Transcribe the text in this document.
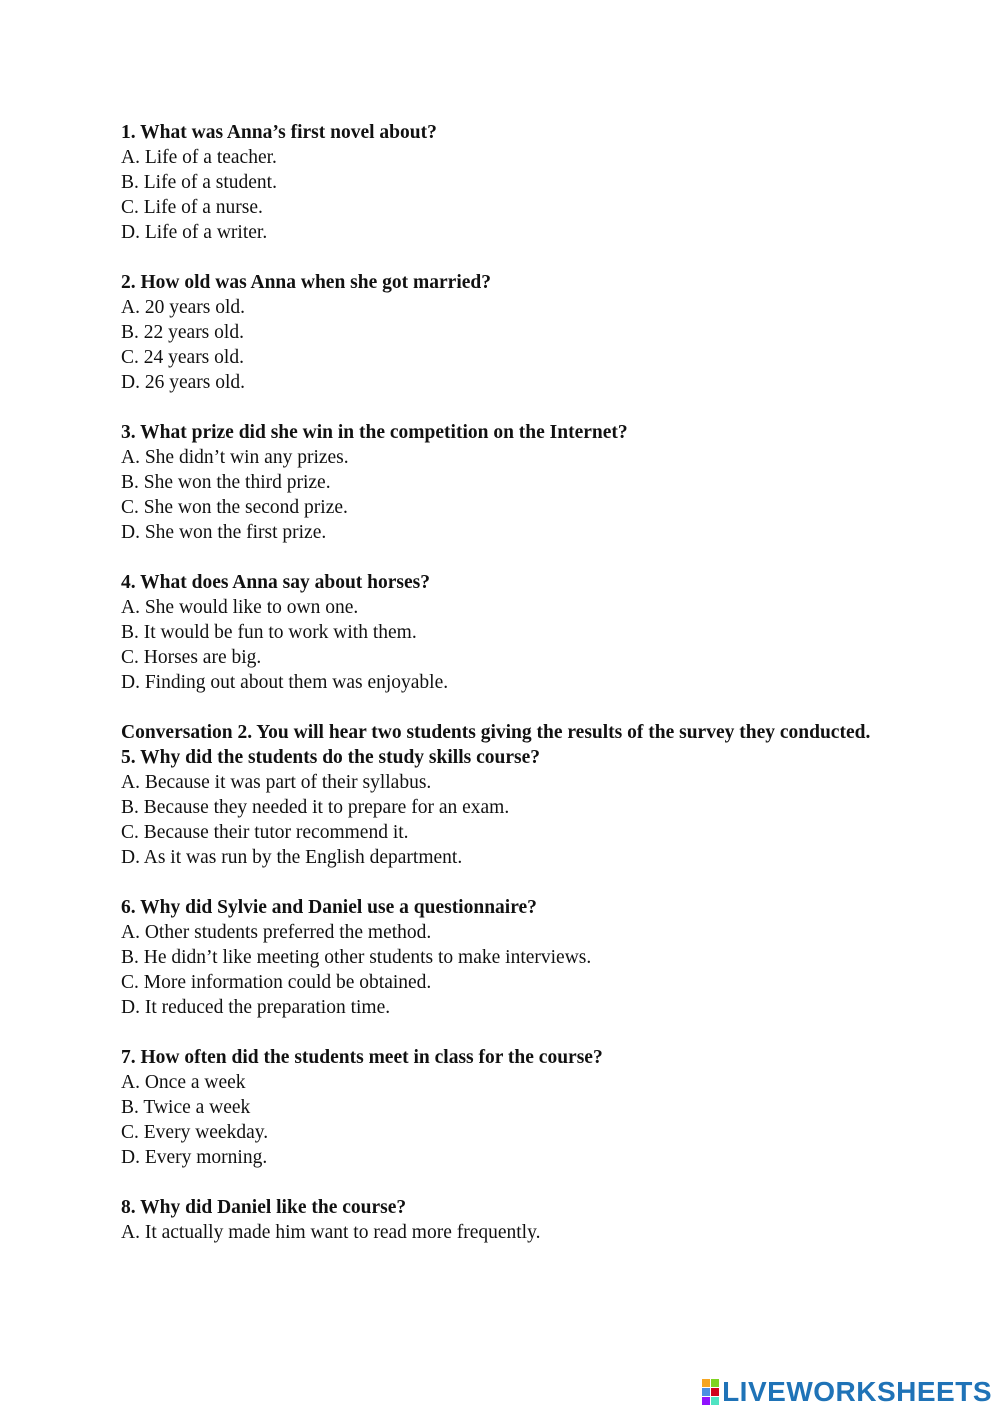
1. What was Anna’s first novel about?

A. Life of a teacher.

B. Life of a student.

C. Life of a nurse.

D. Life of a writer.

2. How old was Anna when she got married?

A. 20 years old.

B. 22 years old.

C. 24 years old.

D. 26 years old.

3. What prize did she win in the competition on the Internet?

A. She didn’t win any prizes.

B. She won the third prize.

C. She won the second prize.

D. She won the first prize.

4. What does Anna say about horses?

A. She would like to own one.

B. It would be fun to work with them.

C. Horses are big.

D. Finding out about them was enjoyable.

Conversation 2. You will hear two students giving the results of the survey they conducted.

5. Why did the students do the study skills course?

A. Because it was part of their syllabus.

B. Because they needed it to prepare for an exam.

C. Because their tutor recommend it.

D. As it was run by the English department.

6. Why did Sylvie and Daniel use a questionnaire?

A. Other students preferred the method.

B. He didn’t like meeting other students to make interviews.

C. More information could be obtained.

D. It reduced the preparation time.

7. How often did the students meet in class for the course?

A. Once a week

B. Twice a week

C. Every weekday.

D. Every morning.

8. Why did Daniel like the course?

A. It actually made him want to read more frequently.

LIVEWORKSHEETS
